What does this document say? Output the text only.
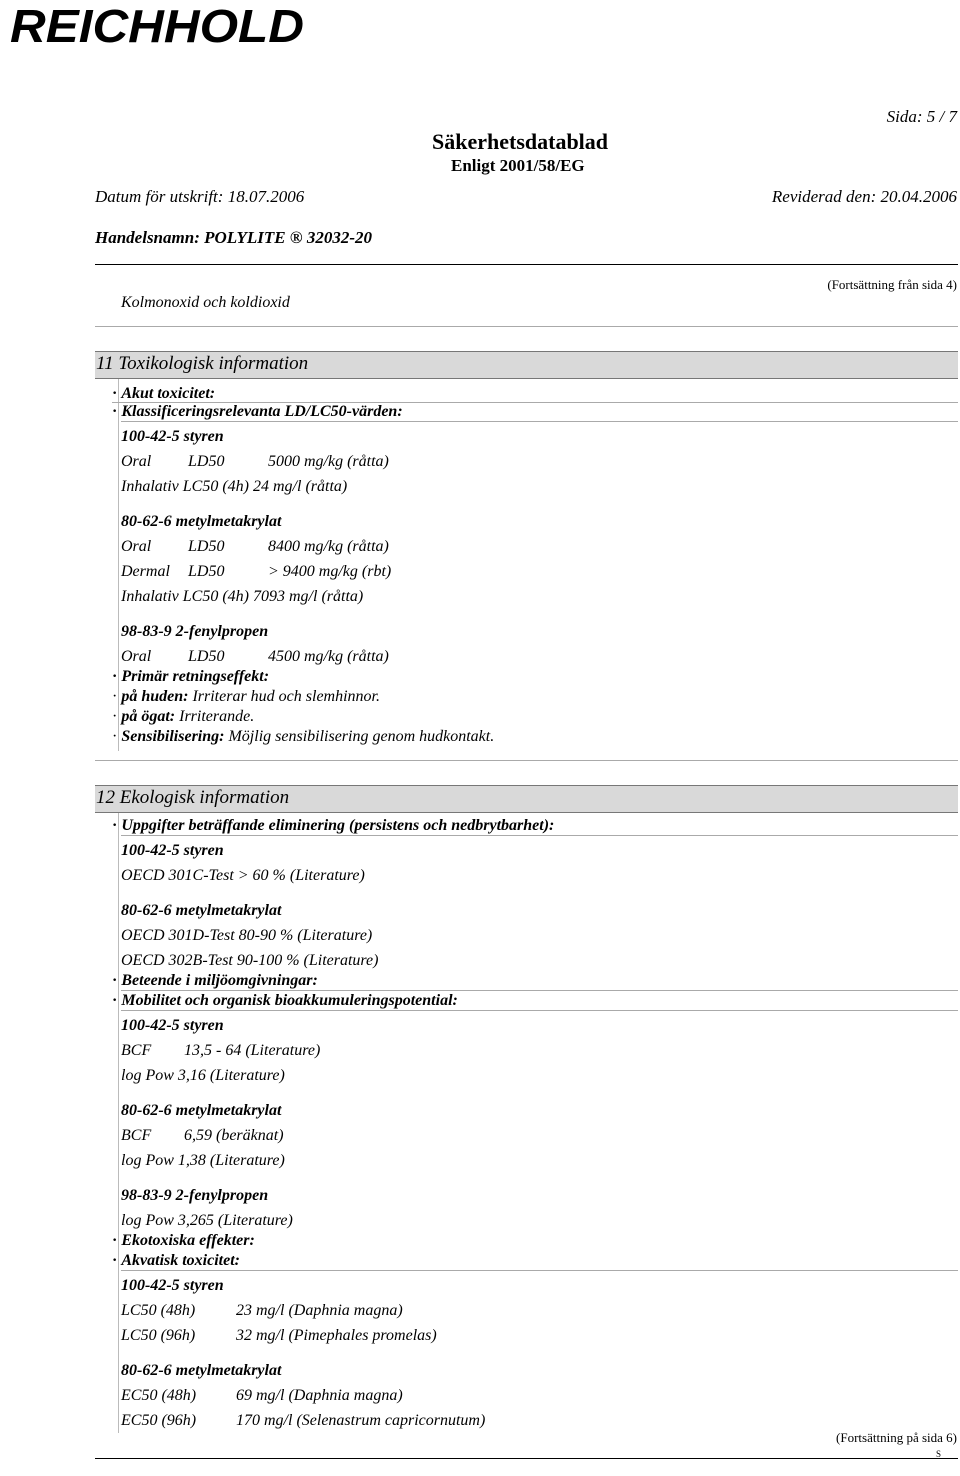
REICHHOLD
Sida: 5 / 7
Säkerhetsdatablad
Enligt 2001/58/EG
Datum för utskrift: 18.07.2006	Reviderad den: 20.04.2006
Handelsnamn: POLYLITE ® 32032-20
(Fortsättning från sida 4)
Kolmonoxid och koldioxid
11 Toxikologisk information
· Akut toxicitet:
· Klassificeringsrelevanta LD/LC50-värden:
100-42-5 styren
Oral LD50	5000 mg/kg (råtta)
Inhalativ LC50 (4h) 24 mg/l (råtta)
80-62-6 metylmetakrylat
Oral LD50	8400 mg/kg (råtta)
Dermal LD50	> 9400 mg/kg (rbt)
Inhalativ LC50 (4h) 7093 mg/l (råtta)
98-83-9 2-fenylpropen
Oral LD50	4500 mg/kg (råtta)
· Primär retningseffekt:
· på huden: Irriterar hud och slemhinnor.
· på ögat: Irriterande.
· Sensibilisering: Möjlig sensibilisering genom hudkontakt.
12 Ekologisk information
· Uppgifter beträffande eliminering (persistens och nedbrytbarhet):
100-42-5 styren
OECD 301C-Test > 60 % (Literature)
80-62-6 metylmetakrylat
OECD 301D-Test 80-90 % (Literature)
OECD 302B-Test 90-100 % (Literature)
· Beteende i miljöomgivningar:
· Mobilitet och organisk bioakkumuleringspotential:
100-42-5 styren
BCF 13,5 - 64 (Literature)
log Pow 3,16 (Literature)
80-62-6 metylmetakrylat
BCF 6,59 (beräknat)
log Pow 1,38 (Literature)
98-83-9 2-fenylpropen
log Pow 3,265 (Literature)
· Ekotoxiska effekter:
· Akvatisk toxicitet:
100-42-5 styren
LC50 (48h)	23 mg/l (Daphnia magna)
LC50 (96h)	32 mg/l (Pimephales promelas)
80-62-6 metylmetakrylat
EC50 (48h) 69 mg/l (Daphnia magna)
EC50 (96h) 170 mg/l (Selenastrum capricornutum)
(Fortsättning på sida 6)
S
